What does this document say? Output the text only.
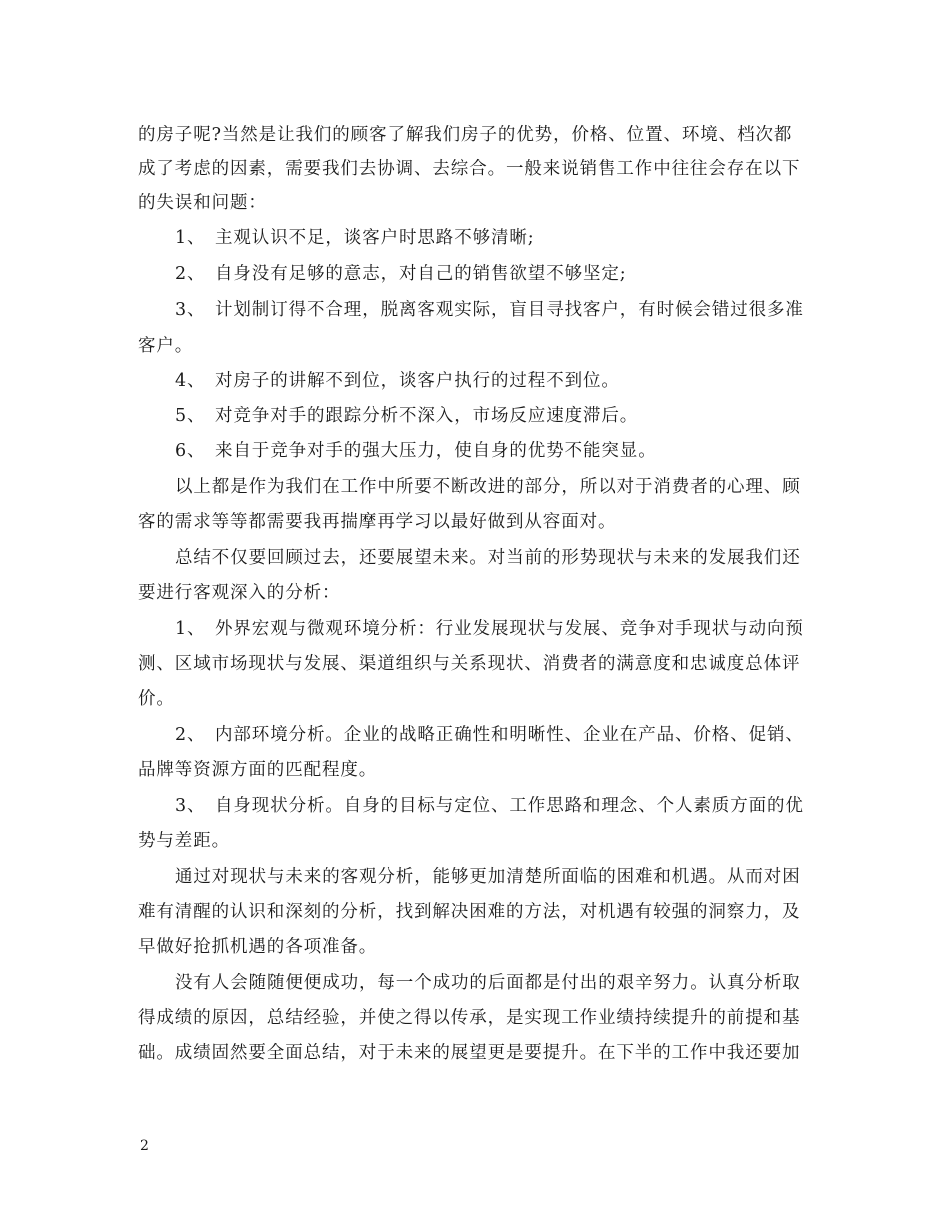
的房子呢?当然是让我们的顾客了解我们房子的优势，价格、位置、环境、档次都
成了考虑的因素，需要我们去协调、去综合。一般来说销售工作中往往会存在以下
的失误和问题：
1、 主观认识不足，谈客户时思路不够清晰;
2、 自身没有足够的意志，对自己的销售欲望不够坚定;
3、 计划制订得不合理，脱离客观实际，盲目寻找客户，有时候会错过很多准
客户。
4、 对房子的讲解不到位，谈客户执行的过程不到位。
5、 对竞争对手的跟踪分析不深入，市场反应速度滞后。
6、 来自于竞争对手的强大压力，使自身的优势不能突显。
以上都是作为我们在工作中所要不断改进的部分，所以对于消费者的心理、顾
客的需求等等都需要我再揣摩再学习以最好做到从容面对。
总结不仅要回顾过去，还要展望未来。对当前的形势现状与未来的发展我们还
要进行客观深入的分析：
1、 外界宏观与微观环境分析：行业发展现状与发展、竞争对手现状与动向预
测、区域市场现状与发展、渠道组织与关系现状、消费者的满意度和忠诚度总体评
价。
2、 内部环境分析。企业的战略正确性和明晰性、企业在产品、价格、促销、
品牌等资源方面的匹配程度。
3、 自身现状分析。自身的目标与定位、工作思路和理念、个人素质方面的优
势与差距。
通过对现状与未来的客观分析，能够更加清楚所面临的困难和机遇。从而对困
难有清醒的认识和深刻的分析，找到解决困难的方法，对机遇有较强的洞察力，及
早做好抢抓机遇的各项准备。
没有人会随随便便成功，每一个成功的后面都是付出的艰辛努力。认真分析取
得成绩的原因，总结经验，并使之得以传承，是实现工作业绩持续提升的前提和基
础。成绩固然要全面总结，对于未来的展望更是要提升。在下半的工作中我还要加
2
